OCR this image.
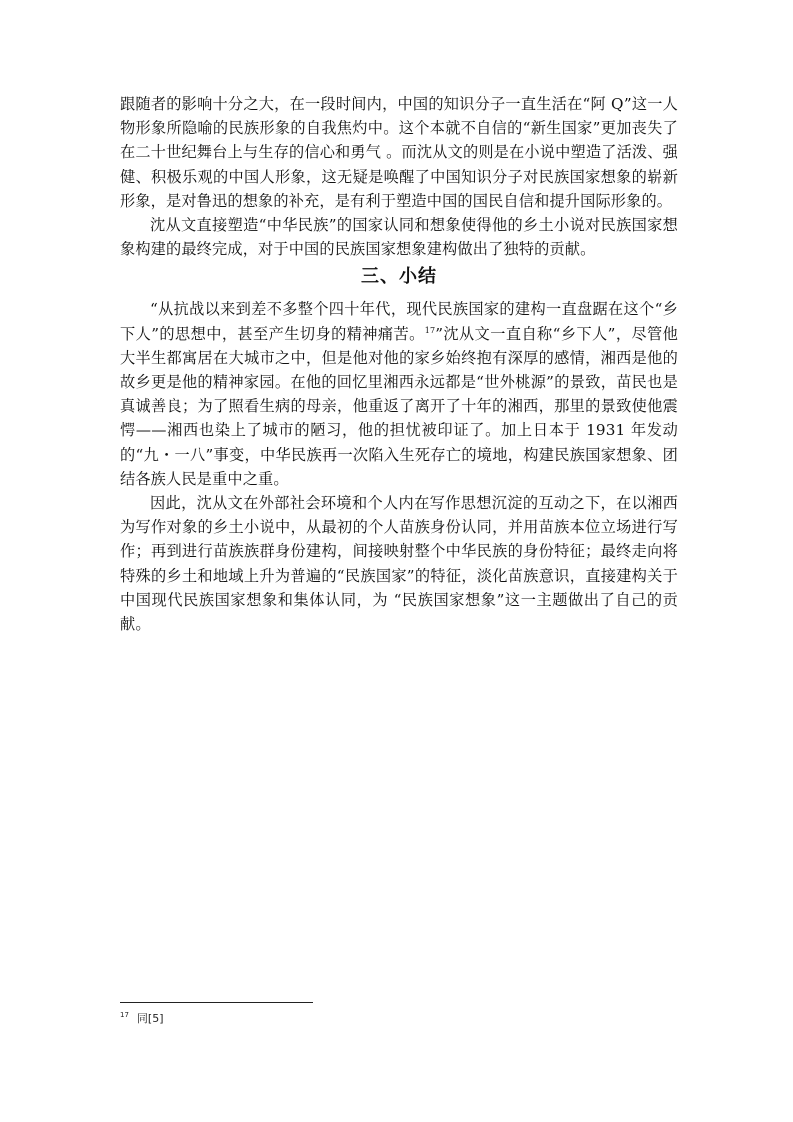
跟随者的影响十分之大，在一段时间内，中国的知识分子一直生活在“阿 Q”这一人物形象所隐喻的民族形象的自我焦灼中。这个本就不自信的“新生国家”更加丧失了在二十世纪舞台上与生存的信心和勇气 。而沈从文的则是在小说中塑造了活泼、强健、积极乐观的中国人形象，这无疑是唤醒了中国知识分子对民族国家想象的崭新形象，是对鲁迅的想象的补充，是有利于塑造中国的国民自信和提升国际形象的。

沈从文直接塑造“中华民族”的国家认同和想象使得他的乡土小说对民族国家想象构建的最终完成，对于中国的民族国家想象建构做出了独特的贡献。

三、小结

“从抗战以来到差不多整个四十年代，现代民族国家的建构一直盘踞在这个“乡下人”的思想中，甚至产生切身的精神痛苦。$^{17}$”沈从文一直自称“乡下人”，尽管他大半生都寓居在大城市之中，但是他对他的家乡始终抱有深厚的感情，湘西是他的故乡更是他的精神家园。在他的回忆里湘西永远都是“世外桃源”的景致，苗民也是真诚善良；为了照看生病的母亲，他重返了离开了十年的湘西，那里的景致使他震愕——湘西也染上了城市的陋习，他的担忧被印证了。加上日本于 1931 年发动的“九・一八”事变，中华民族再一次陷入生死存亡的境地，构建民族国家想象、团结各族人民是重中之重。

因此，沈从文在外部社会环境和个人内在写作思想沉淀的互动之下，在以湘西为写作对象的乡土小说中，从最初的个人苗族身份认同，并用苗族本位立场进行写作；再到进行苗族族群身份建构，间接映射整个中华民族的身份特征；最终走向将特殊的乡土和地域上升为普遍的“民族国家”的特征，淡化苗族意识，直接建构关于中国现代民族国家想象和集体认同，为 “民族国家想象”这一主题做出了自己的贡献。

$^{17}$ 同[5]
